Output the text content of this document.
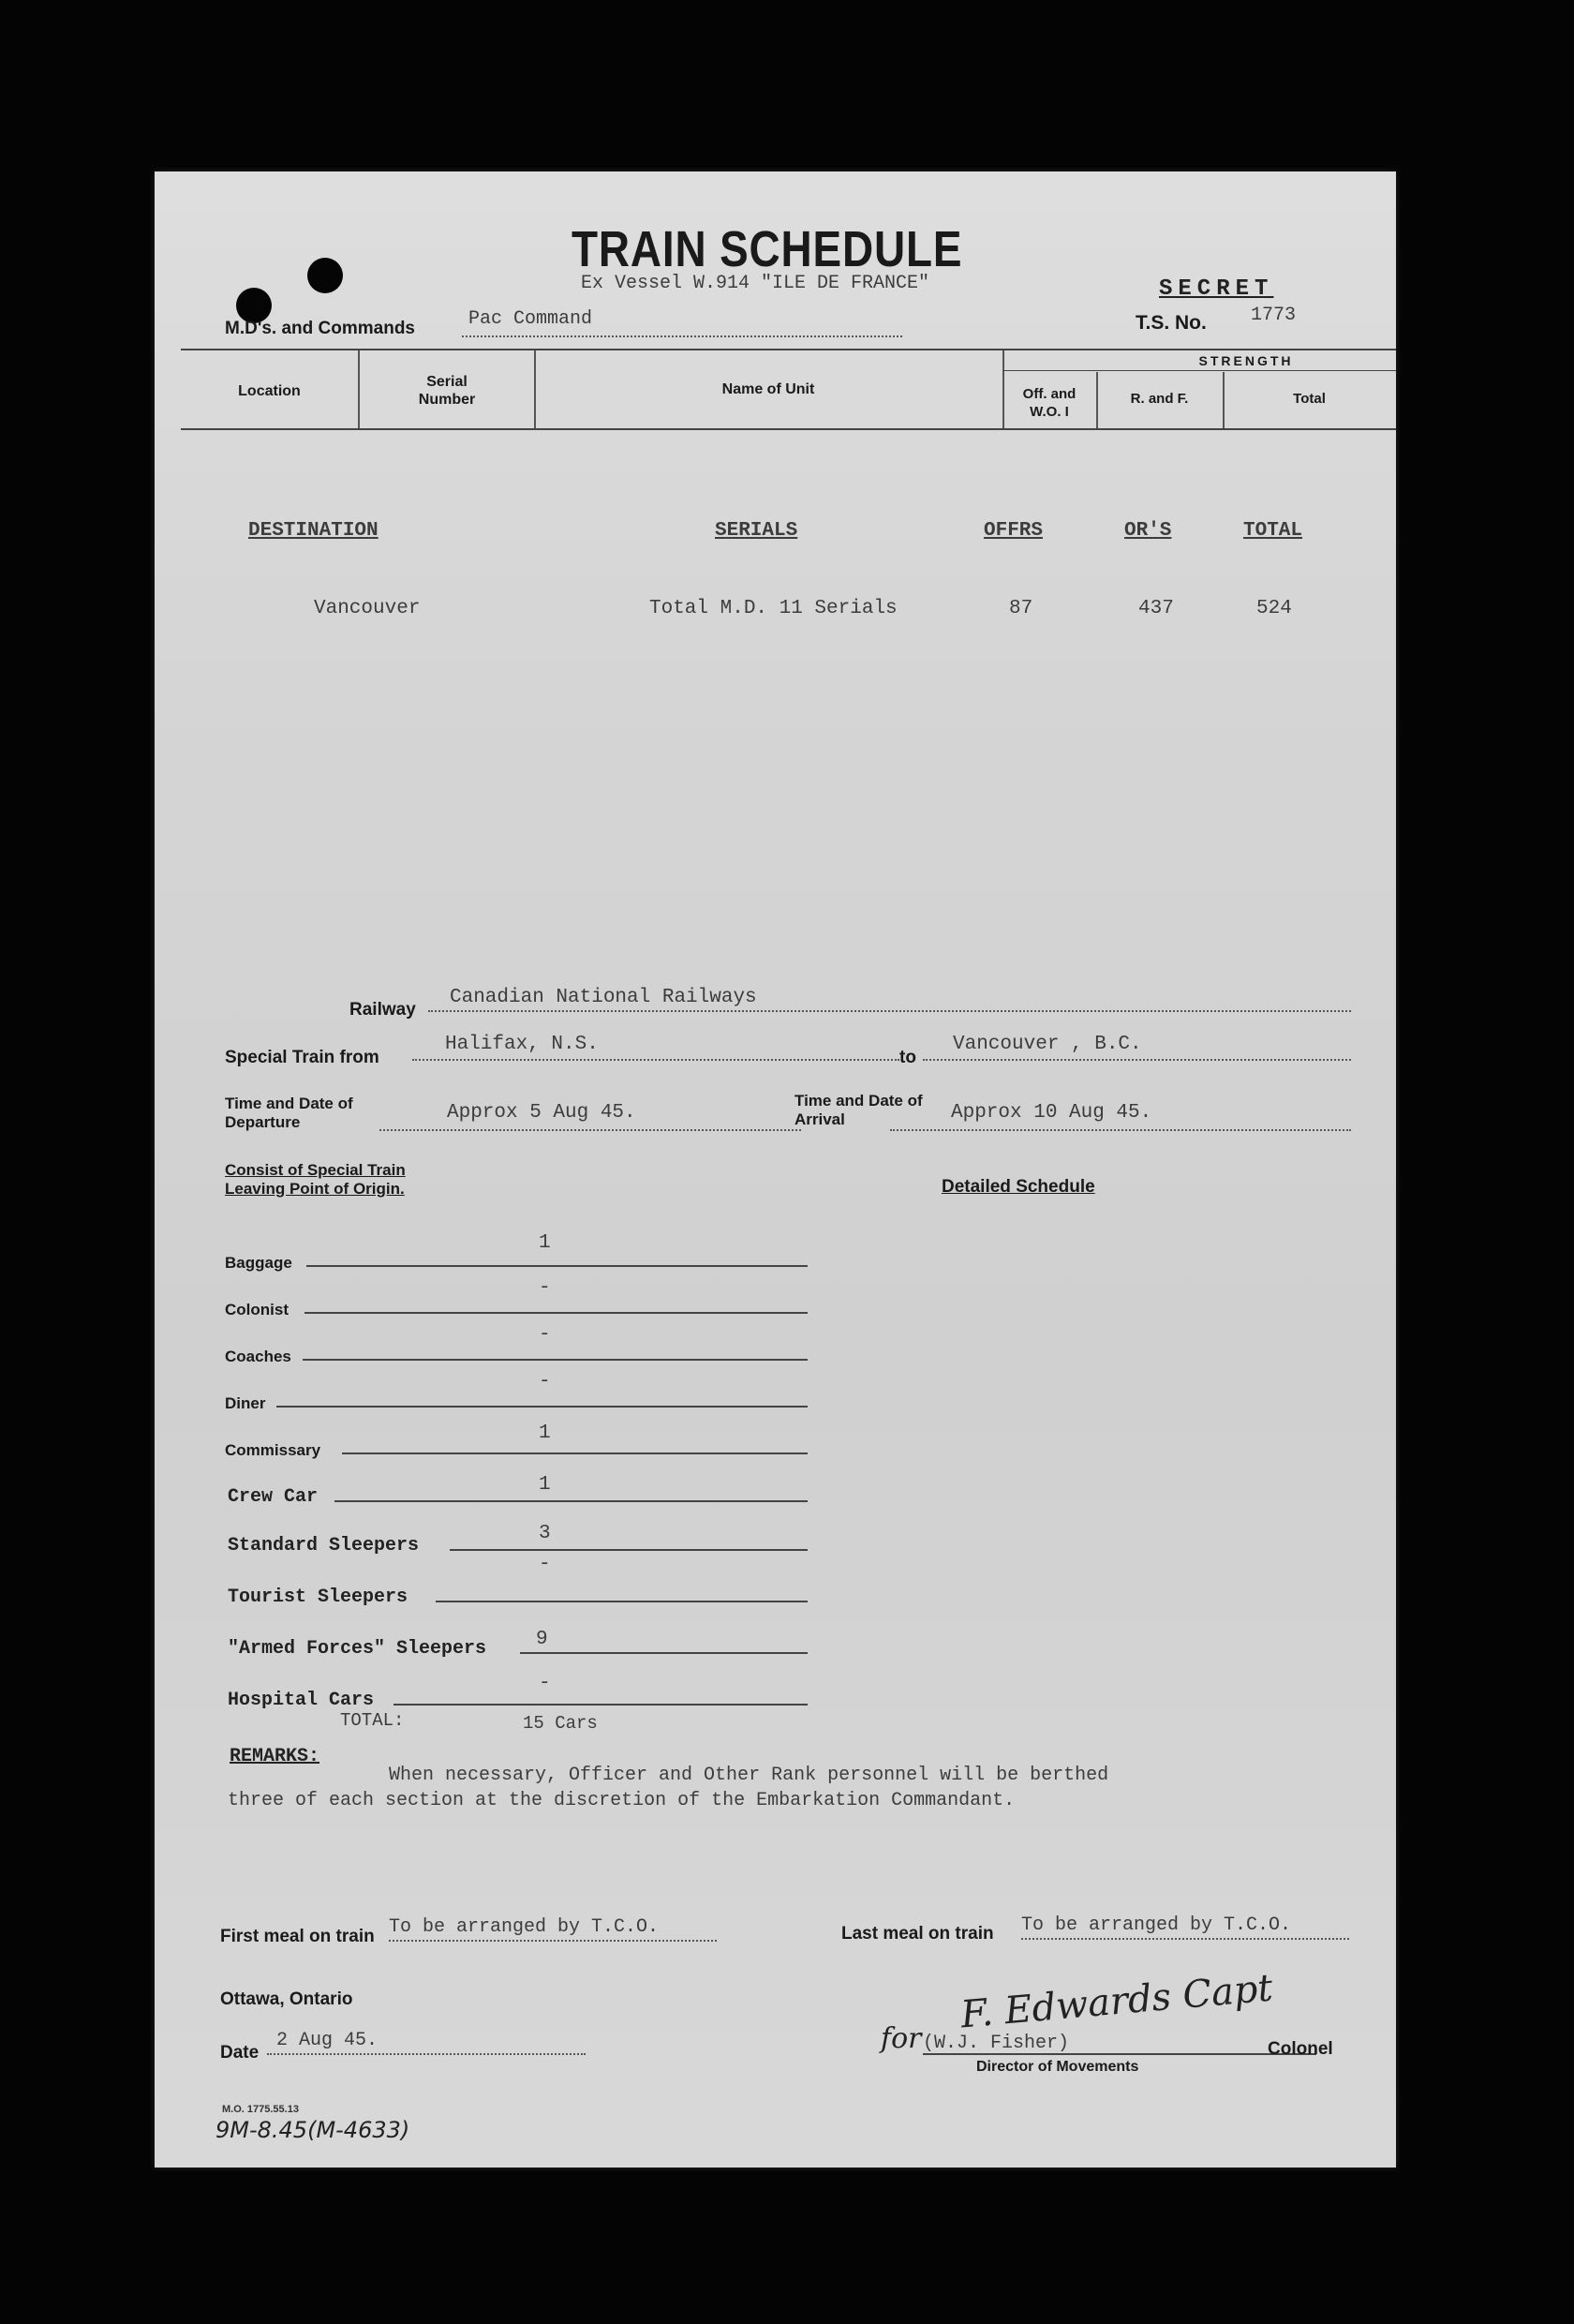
TRAIN SCHEDULE
Ex Vessel W.914 "ILE DE FRANCE"	SECRET
M.D's. and Commands	Pac Command	T.S. No. 1773
Location
Serial Number
Name of Unit
STRENGTH
Off. and W.O. I
R. and F.	Total
DESTINATION	SERIALS	OFFRS	OR'S	TOTAL
Vancouver	Total M.D. 11 Serials	87	437	524
Railway
Canadian National Railways
Special Train from
Halifax, N.S.
to
Vancouver , B.C.
Time and Date of Departure	Approx 5 Aug 45.
Time and Date of Arrival	Approx 10 Aug 45.
Consist of Special Train Leaving Point of Origin.	Detailed Schedule
Baggage
1
Colonist
-
Coaches
-
Diner
-
Commissary
1
Crew Car
1
Standard Sleepers
3
Tourist Sleepers
-
"Armed Forces" Sleepers	9
Hospital Cars
-
TOTAL:	15 Cars
REMARKS:
When necessary, Officer and Other Rank personnel will be berthed
three of each section at the discretion of the Embarkation Commandant.
First meal on train To be arranged by T.C.O.	Last meal on train To be arranged by T.C.O.
Ottawa, Ontario
Date
2 Aug 45.
F. Edwards Capt
for (W.J. Fisher)	Colonel
Director of Movements
M.O. 1775.55.13
9M-8.45(M-4633)
